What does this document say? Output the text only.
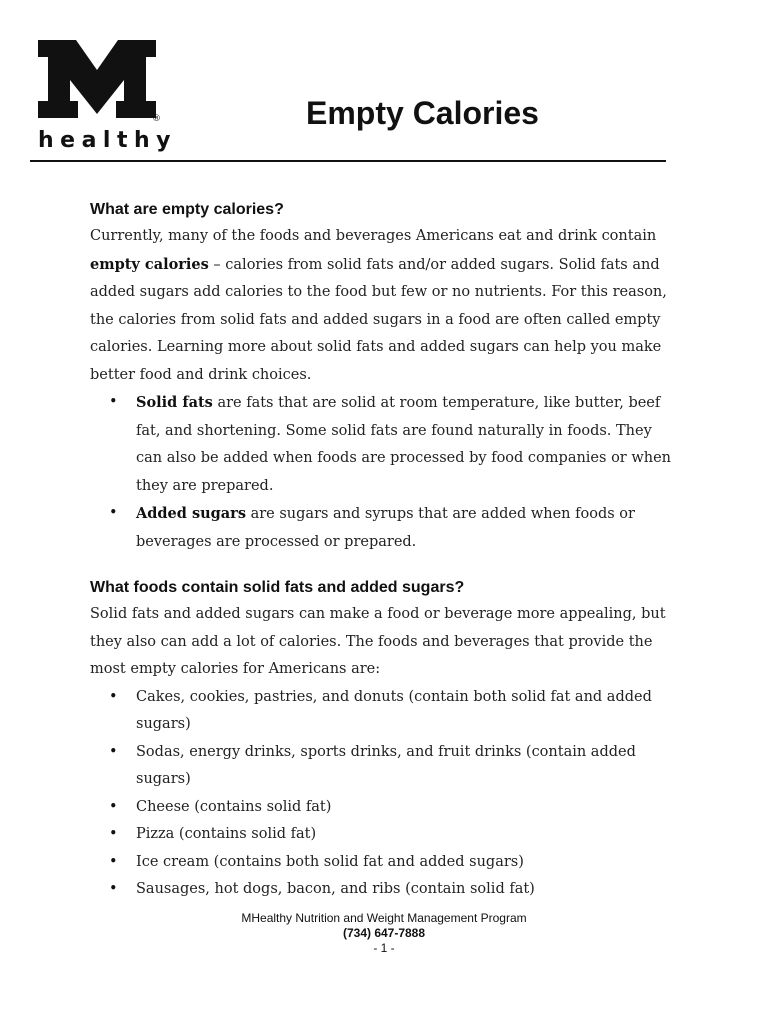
®
healthy
Empty Calories
What are empty calories?

Currently, many of the foods and beverages Americans eat and drink contain empty calories – calories from solid fats and/or added sugars. Solid fats and added sugars add calories to the food but few or no nutrients. For this reason, the calories from solid fats and added sugars in a food are often called empty calories. Learning more about solid fats and added sugars can help you make better food and drink choices.

• Solid fats are fats that are solid at room temperature, like butter, beef fat, and shortening. Some solid fats are found naturally in foods. They can also be added when foods are processed by food companies or when they are prepared.
• Added sugars are sugars and syrups that are added when foods or beverages are processed or prepared.
What foods contain solid fats and added sugars?

Solid fats and added sugars can make a food or beverage more appealing, but they also can add a lot of calories. The foods and beverages that provide the most empty calories for Americans are:

• Cakes, cookies, pastries, and donuts (contain both solid fat and added sugars)
• Sodas, energy drinks, sports drinks, and fruit drinks (contain added sugars)
• Cheese (contains solid fat)
• Pizza (contains solid fat)
• Ice cream (contains both solid fat and added sugars)
• Sausages, hot dogs, bacon, and ribs (contain solid fat)
MHealthy Nutrition and Weight Management Program
(734) 647-7888
- 1 -
